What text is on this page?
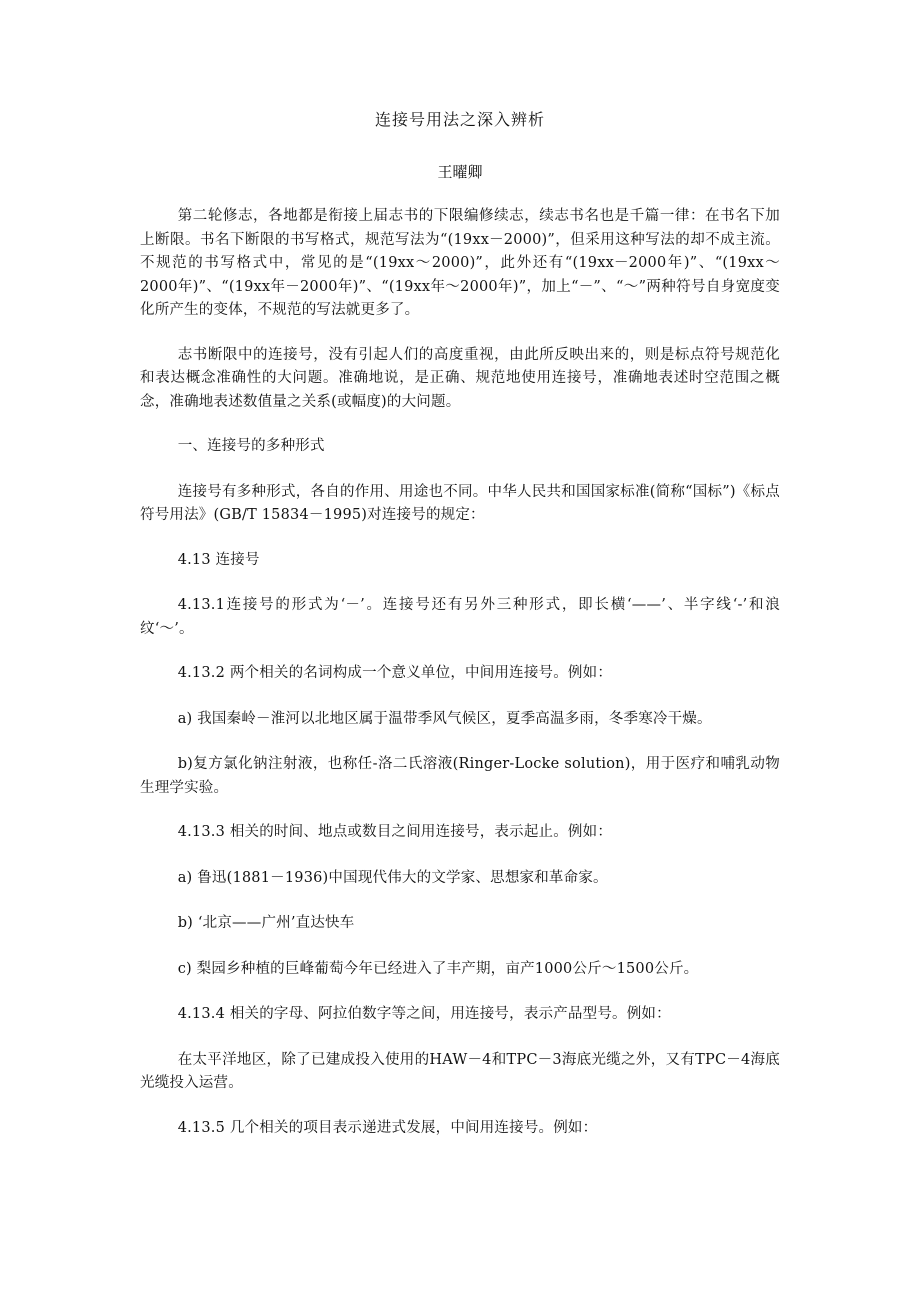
连接号用法之深入辨析
王曜卿

第二轮修志，各地都是衔接上届志书的下限编修续志，续志书名也是千篇一律：在书名下加上断限。书名下断限的书写格式，规范写法为“(19xx－2000)”，但采用这种写法的却不成主流。不规范的书写格式中，常见的是“(19xx～2000)”，此外还有“(19xx－2000年)”、“(19xx～2000年)”、“(19xx年－2000年)”、“(19xx年～2000年)”，加上“－”、“～”两种符号自身宽度变化所产生的变体，不规范的写法就更多了。

志书断限中的连接号，没有引起人们的高度重视，由此所反映出来的，则是标点符号规范化和表达概念准确性的大问题。准确地说，是正确、规范地使用连接号，准确地表述时空范围之概念，准确地表述数值量之关系(或幅度)的大问题。

一、连接号的多种形式

连接号有多种形式，各自的作用、用途也不同。中华人民共和国国家标准(简称“国标”)《标点符号用法》(GB/T 15834－1995)对连接号的规定：

4.13 连接号

4.13.1连接号的形式为‘－’。连接号还有另外三种形式，即长横‘——’、半字线‘-’和浪纹‘～’。

4.13.2 两个相关的名词构成一个意义单位，中间用连接号。例如：

a) 我国秦岭－淮河以北地区属于温带季风气候区，夏季高温多雨，冬季寒冷干燥。

b)复方氯化钠注射液，也称任-洛二氏溶液(Ringer-Locke solution)，用于医疗和哺乳动物生理学实验。

4.13.3 相关的时间、地点或数目之间用连接号，表示起止。例如：

a) 鲁迅(1881－1936)中国现代伟大的文学家、思想家和革命家。

b) ‘北京——广州’直达快车

c) 梨园乡种植的巨峰葡萄今年已经进入了丰产期，亩产1000公斤～1500公斤。

4.13.4 相关的字母、阿拉伯数字等之间，用连接号，表示产品型号。例如：

在太平洋地区，除了已建成投入使用的HAW－4和TPC－3海底光缆之外，又有TPC－4海底光缆投入运营。

4.13.5 几个相关的项目表示递进式发展，中间用连接号。例如：
